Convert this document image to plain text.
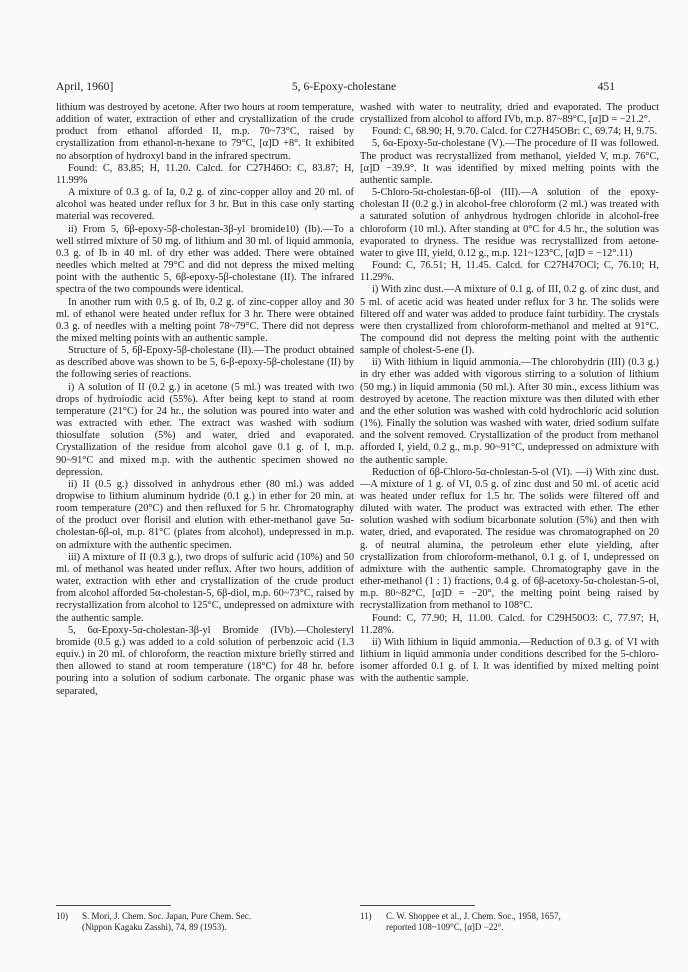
April, 1960]	5, 6-Epoxy-cholestane	451

lithium was destroyed by acetone. After two hours at room temperature, addition of water, extraction of ether and crystallization of the crude product from ethanol afforded II, m.p. 70~73°C, raised by crystallization from ethanol-n-hexane to 79°C, [α]D +8°. It exhibited no absorption of hydroxyl band in the infrared spectrum.

Found: C, 83.85; H, 11.20. Calcd. for C27H46O: C, 83.87; H, 11.99%

A mixture of 0.3 g. of Ia, 0.2 g. of zinc-copper alloy and 20 ml. of alcohol was heated under reflux for 3 hr. But in this case only starting material was recovered.

ii) From 5, 6β-epoxy-5β-cholestan-3β-yl bromide10) (Ib).—To a well stirred mixture of 50 mg. of lithium and 30 ml. of liquid ammonia, 0.3 g. of Ib in 40 ml. of dry ether was added. There were obtained needles which melted at 79°C and did not depress the mixed melting point with the authentic 5, 6β-epoxy-5β-cholestane (II). The infrared spectra of the two compounds were identical.

In another rum with 0.5 g. of Ib, 0.2 g. of zinc-copper alloy and 30 ml. of ethanol were heated under reflux for 3 hr. There were obtained 0.3 g. of needles with a melting point 78~79°C. There did not depress the mixed melting points with an authentic sample.

Structure of 5, 6β-Epoxy-5β-cholestane (II).—The product obtained as described above was shown to be 5, 6-β-epoxy-5β-cholestane (II) by the following series of reactions.

i) A solution of II (0.2 g.) in acetone (5 ml.) was treated with two drops of hydroiodic acid (55%). After being kept to stand at room temperature (21°C) for 24 hr., the solution was poured into water and was extracted with ether. The extract was washed with sodium thiosulfate solution (5%) and water, dried and evaporated. Crystallization of the residue from alcohol gave 0.1 g. of I, m.p. 90~91°C and mixed m.p. with the authentic specimen showed no depression.

ii) II (0.5 g.) dissolved in anhydrous ether (80 ml.) was added dropwise to lithium aluminum hydride (0.1 g.) in ether for 20 min. at room temperature (20°C) and then refluxed for 5 hr. Chromatography of the product over florisil and elution with ether-methanol gave 5α-cholestan-6β-ol, m.p. 81°C (plates from alcohol), undepressed in m.p. on admixture with the authentic specimen.

iii) A mixture of II (0.3 g.), two drops of sulfuric acid (10%) and 50 ml. of methanol was heated under reflux. After two hours, addition of water, extraction with ether and crystallization of the crude product from alcohol afforded 5α-cholestan-5, 6β-diol, m.p. 60~73°C, raised by recrystallization from alcohol to 125°C, undepressed on admixture with the authentic sample.

5, 6α-Epoxy-5α-cholestan-3β-yl Bromide (IVb).—Cholesteryl bromide (0.5 g.) was added to a cold solution of perbenzoic acid (1.3 equiv.) in 20 ml. of chloroform, the reaction mixture briefly stirred and then allowed to stand at room temperature (18°C) for 48 hr. before pouring into a solution of sodium carbonate. The organic phase was separated,

washed with water to neutrality, dried and evaporated. The product crystallized from alcohol to afford IVb, m.p. 87~89°C, [α]D = −21.2°.

Found: C, 68.90; H, 9.70. Calcd. for C27H45OBr: C, 69.74; H, 9.75.

5, 6α-Epoxy-5α-cholestane (V).—The procedure of II was followed. The product was recrystallized from methanol, yielded V, m.p. 76°C, [α]D −39.9°. It was identified by mixed melting points with the authentic sample.

5-Chloro-5α-cholestan-6β-ol (III).—A solution of the epoxy-cholestan II (0.2 g.) in alcohol-free chloroform (2 ml.) was treated with a saturated solution of anhydrous hydrogen chloride in alcohol-free chloroform (10 ml.). After standing at 0°C for 4.5 hr., the solution was evaporated to dryness. The residue was recrystallized from aetone-water to give III, yield, 0.12 g., m.p. 121~123°C, [α]D = −12°.11)

Found: C, 76.51; H, 11.45. Calcd. for C27H47OCl; C, 76.10; H, 11.29%.

i) With zinc dust.—A mixture of 0.1 g. of III, 0.2 g. of zinc dust, and 5 ml. of acetic acid was heated under reflux for 3 hr. The solids were filtered off and water was added to produce faint turbidity. The crystals were then crystallized from chloroform-methanol and melted at 91°C. The compound did not depress the melting point with the authentic sample of cholest-5-ene (I).

ii) With lithium in liquid ammonia.—The chlorohydrin (III) (0.3 g.) in dry ether was added with vigorous stirring to a solution of lithium (50 mg.) in liquid ammonia (50 ml.). After 30 min., excess lithium was destroyed by acetone. The reaction mixture was then diluted with ether and the ether solution was washed with cold hydrochloric acid solution (1%). Finally the solution was washed with water, dried sodium sulfate and the solvent removed. Crystallization of the product from methanol afforded I, yield, 0.2 g., m.p. 90~91°C, undepressed on admixture with the authentic sample.

Reduction of 6β-Chloro-5α-cholestan-5-ol (VI). —i) With zinc dust.—A mixture of 1 g. of VI, 0.5 g. of zinc dust and 50 ml. of acetic acid was heated under reflux for 1.5 hr. The solids were filtered off and diluted with water. The product was extracted with ether. The ether solution washed with sodium bicarbonate solution (5%) and then with water, dried, and evaporated. The residue was chromatographed on 20 g. of neutral alumina, the petroleum ether elute yielding, after crystallization from chloroform-methanol, 0.1 g. of I, undepressed on admixture with the authentic sample. Chromatography gave in the ether-methanol (1 : 1) fractions, 0.4 g. of 6β-acetoxy-5α-cholestan-5-ol, m.p. 80~82°C, [α]D = −20°, the melting point being raised by recrystallization from methanol to 108°C.

Found: C, 77.90; H, 11.00. Calcd. for C29H50O3: C, 77.97; H, 11.28%.

ii) With lithium in liquid ammonia.—Reduction of 0.3 g. of VI with lithium in liquid ammonia under conditions described for the 5-chloro-isomer afforded 0.1 g. of I. It was identified by mixed melting point with the authentic sample.

10) S. Mori, J. Chem. Soc. Japan, Pure Chem. Sec.
(Nippon Kagaku Zasshi), 74, 89 (1953).
11) C. W. Shoppee et al., J. Chem. Soc., 1958, 1657,
reported 108~109°C, [α]D −22°.
